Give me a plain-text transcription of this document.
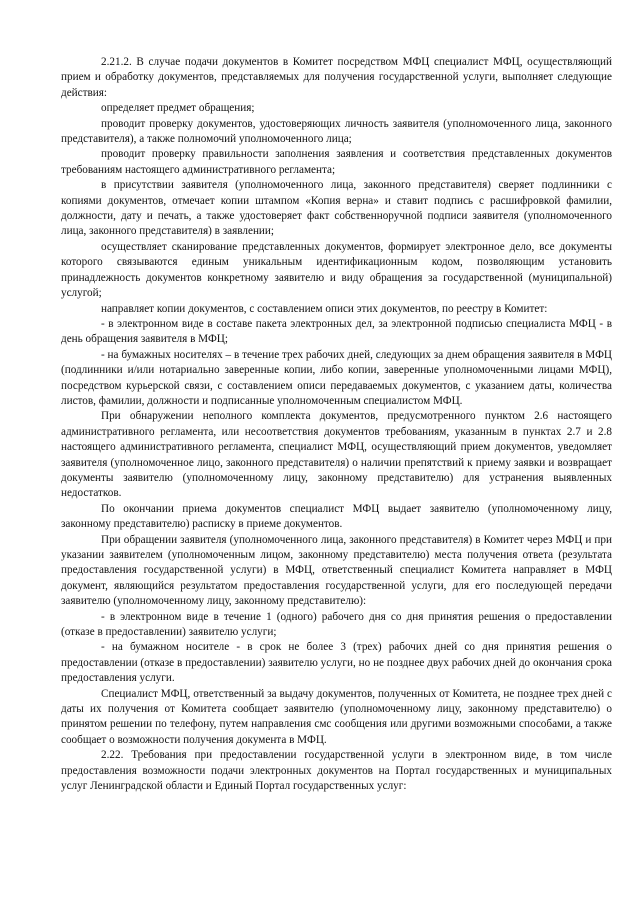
2.21.2. В случае подачи документов в Комитет посредством МФЦ специалист МФЦ, осуществляющий прием и обработку документов, представляемых для получения государственной услуги, выполняет следующие действия:

определяет предмет обращения;

проводит проверку документов, удостоверяющих личность заявителя (уполномоченного лица, законного представителя), а также полномочий уполномоченного лица;

проводит проверку правильности заполнения заявления и соответствия представленных документов требованиям настоящего административного регламента;

в присутствии заявителя (уполномоченного лица, законного представителя) сверяет подлинники с копиями документов, отмечает копии штампом «Копия верна» и ставит подпись с расшифровкой фамилии, должности, дату и печать, а также удостоверяет факт собственноручной подписи заявителя (уполномоченного лица, законного представителя) в заявлении;

осуществляет сканирование представленных документов, формирует электронное дело, все документы которого связываются единым уникальным идентификационным кодом, позволяющим установить принадлежность документов конкретному заявителю и виду обращения за государственной (муниципальной) услугой;

направляет копии документов, с составлением описи этих документов, по реестру в Комитет:

- в электронном виде в составе пакета электронных дел, за электронной подписью специалиста МФЦ - в день обращения заявителя в МФЦ;

- на бумажных носителях – в течение трех рабочих дней, следующих за днем обращения заявителя в МФЦ (подлинники и/или нотариально заверенные копии, либо копии, заверенные уполномоченными лицами МФЦ), посредством курьерской связи, с составлением описи передаваемых документов, с указанием даты, количества листов, фамилии, должности и подписанные уполномоченным специалистом МФЦ.

При обнаружении неполного комплекта документов, предусмотренного пунктом 2.6 настоящего административного регламента, или несоответствия документов требованиям, указанным в пунктах 2.7 и 2.8 настоящего административного регламента, специалист МФЦ, осуществляющий прием документов, уведомляет заявителя (уполномоченное лицо, законного представителя) о наличии препятствий к приему заявки и возвращает документы заявителю (уполномоченному лицу, законному представителю) для устранения выявленных недостатков.

По окончании приема документов специалист МФЦ выдает заявителю (уполномоченному лицу, законному представителю) расписку в приеме документов.

При обращении заявителя (уполномоченного лица, законного представителя) в Комитет через МФЦ и при указании заявителем (уполномоченным лицом, законному представителю) места получения ответа (результата предоставления государственной услуги) в МФЦ, ответственный специалист Комитета направляет в МФЦ документ, являющийся результатом предоставления государственной услуги, для его последующей передачи заявителю (уполномоченному лицу, законному представителю):

- в электронном виде в течение 1 (одного) рабочего дня со дня принятия решения о предоставлении (отказе в предоставлении) заявителю услуги;

- на бумажном носителе - в срок не более 3 (трех) рабочих дней со дня принятия решения о предоставлении (отказе в предоставлении) заявителю услуги, но не позднее двух рабочих дней до окончания срока предоставления услуги.

Специалист МФЦ, ответственный за выдачу документов, полученных от Комитета, не позднее трех дней с даты их получения от Комитета сообщает заявителю (уполномоченному лицу, законному представителю) о принятом решении по телефону, путем направления смс сообщения или другими возможными способами, а также сообщает о возможности получения документа в МФЦ.

2.22. Требования при предоставлении государственной услуги в электронном виде, в том числе предоставления возможности подачи электронных документов на Портал государственных и муниципальных услуг Ленинградской области и Единый Портал государственных услуг:
